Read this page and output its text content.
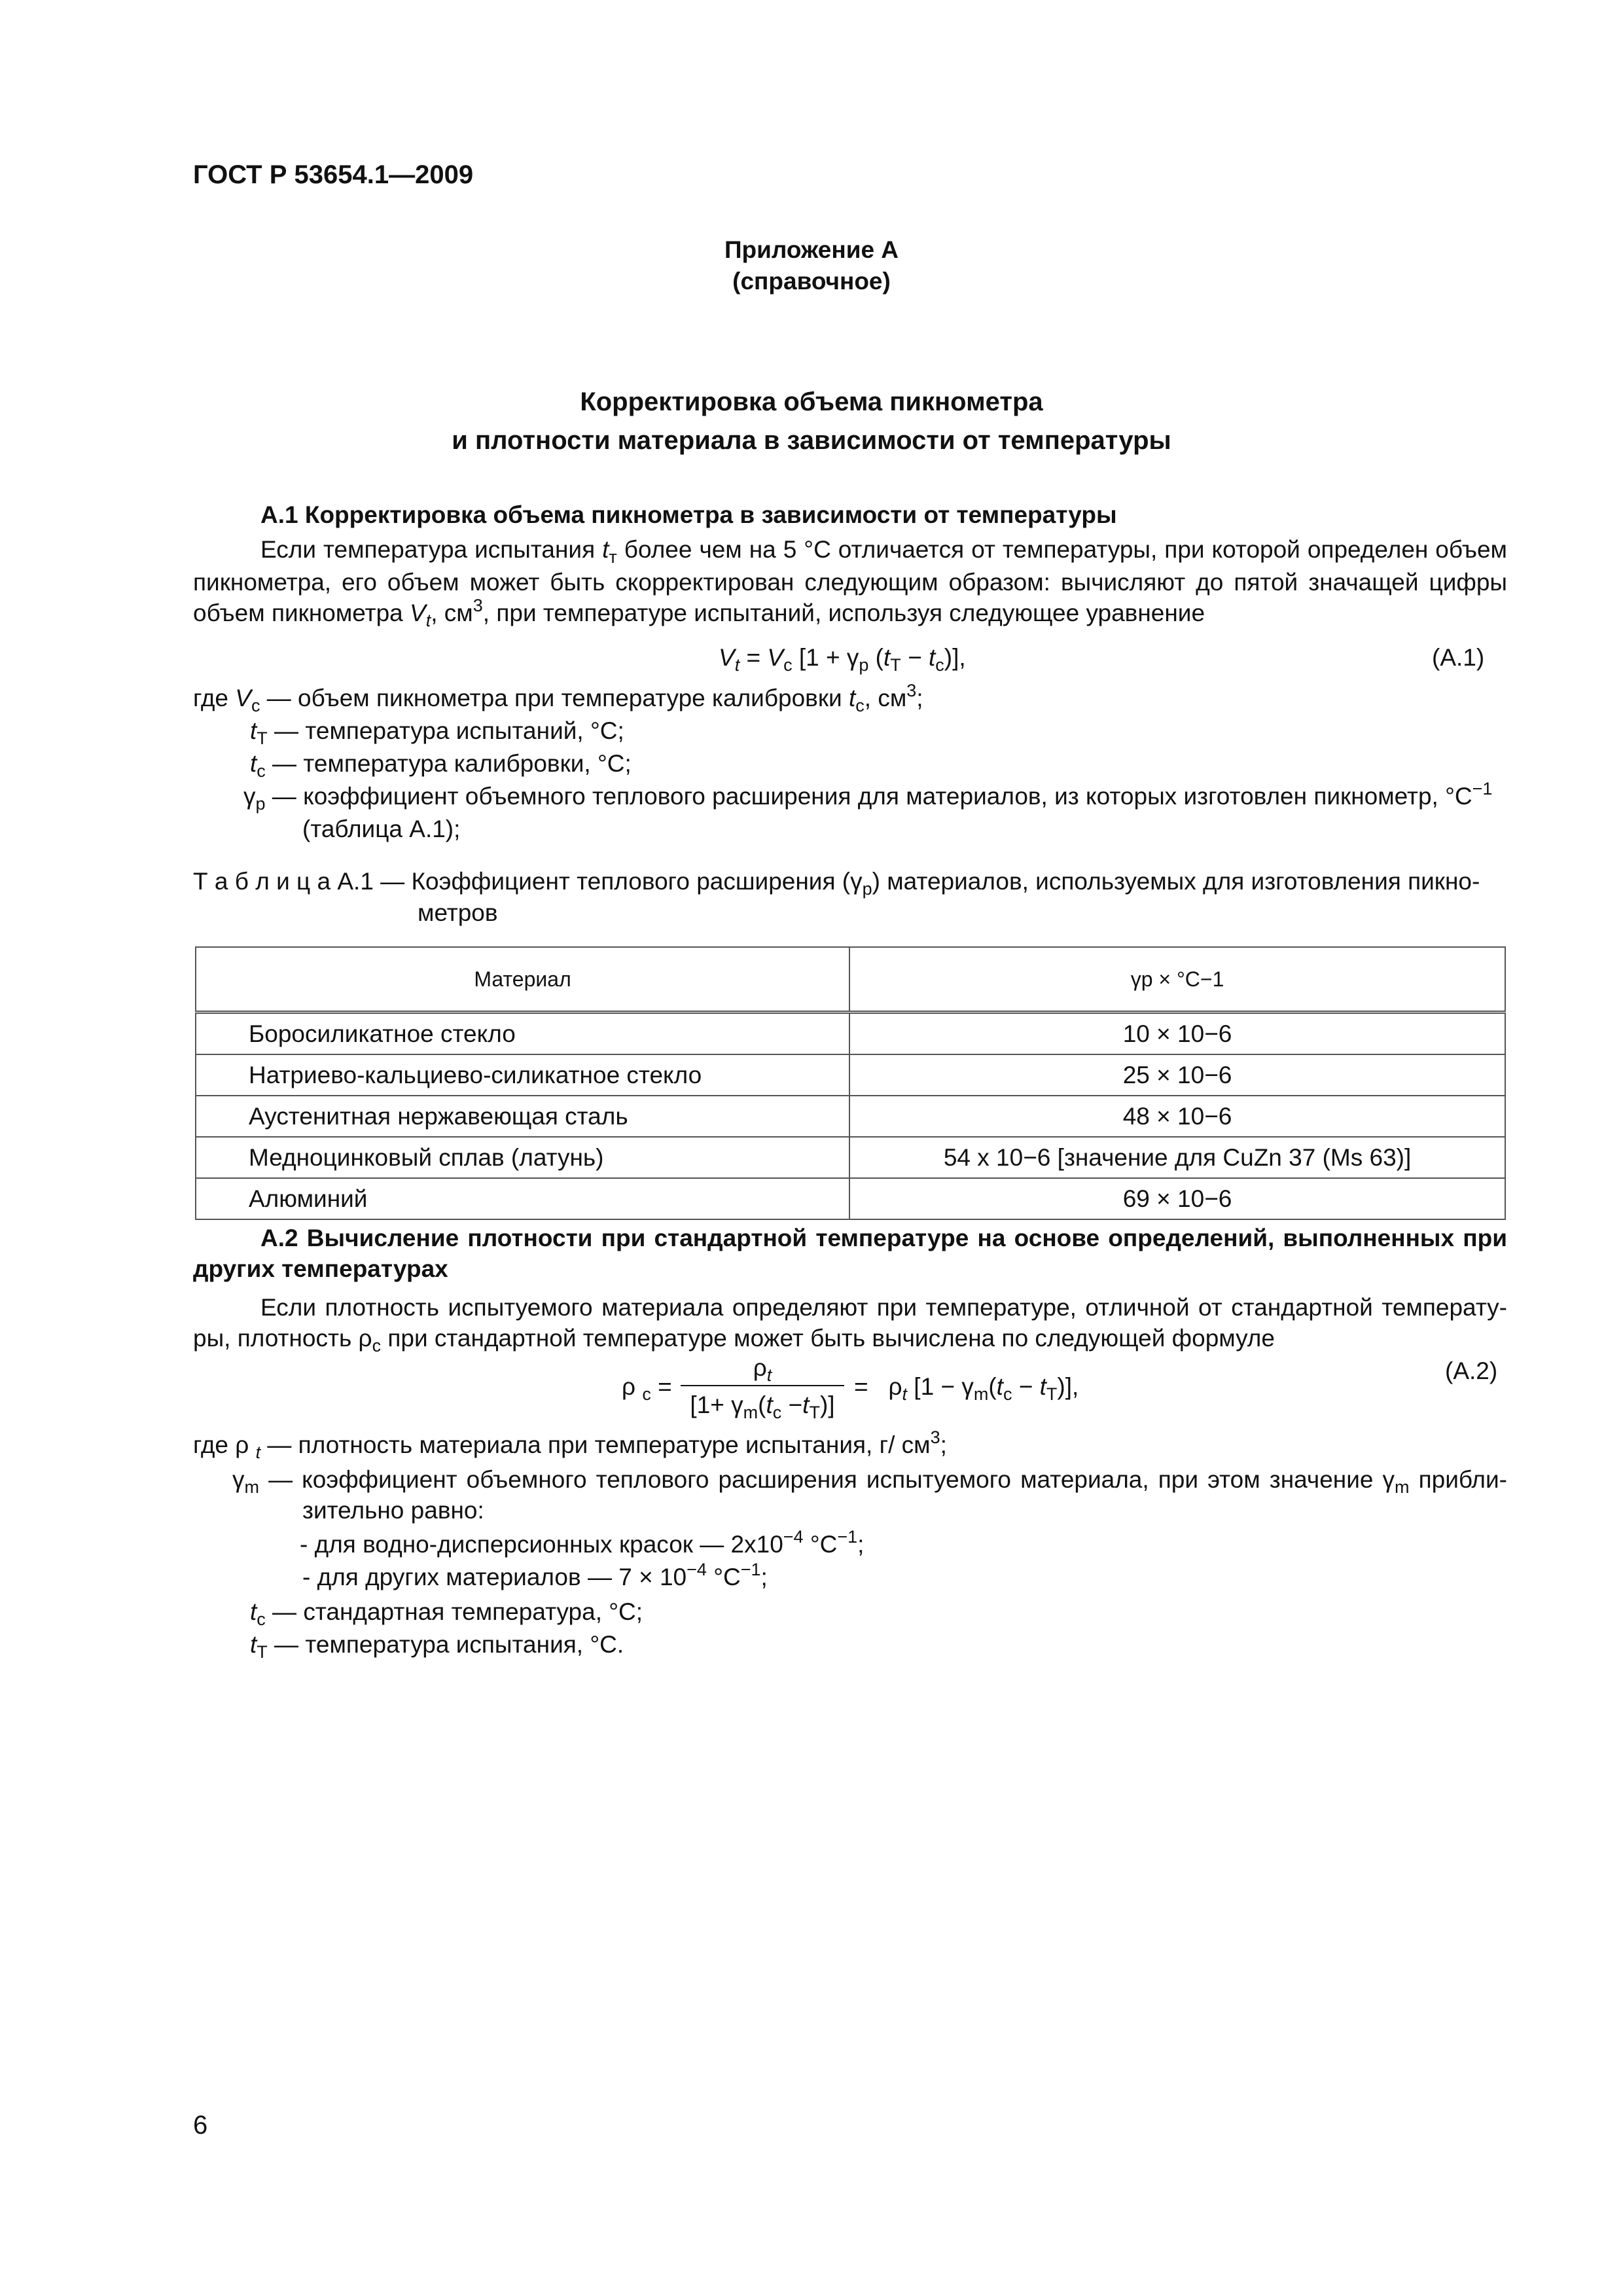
ГОСТ Р 53654.1—2009
Приложение А
(справочное)
Корректировка объема пикнометра
и плотности материала в зависимости от температуры
А.1 Корректировка объема пикнометра в зависимости от температуры
Если температура испытания $t_т$ более чем на 5 °С отличается от температуры, при которой определен объем
пикнометра, его объем может быть скорректирован следующим образом: вычисляют до пятой значащей цифры
объем пикнометра $V_t$, $см^3$, при температуре испытаний, используя следующее уравнение
$V_t = V_с$ [$1 + \gamma_р$ $(t_Т - t_с)$],	(А.1)
где $V_с$ — объем пикнометра при температуре калибровки $t_с$, $см^3$;
$t_Т$ — температура испытаний, °С;
$t_с$ — температура калибровки, °С;
$\gamma_р$ — коэффициент объемного теплового расширения для материалов, из которых изготовлен пикнометр, $^\circ С^{-1}$
(таблица А.1);
Т а б л и ц а А.1 — Коэффициент теплового расширения $(\gamma_р)$ материалов, используемых для изготовления пикно-
метров
Материал	γp × °С−1
Боросиликатное стекло	10 × 10−6
Натриево-кальциево-силикатное стекло	25 × 10−6
Аустенитная нержавеющая сталь	48 × 10−6
Медноцинковый сплав (латунь)	54 x 10−6 [значение для CuZn 37 (Ms 63)]
Алюминий	69 × 10−6
А.2 Вычисление плотности при стандартной температуре на основе определений, выполненных при
других температурах
Если плотность испытуемого материала определяют при температуре, отличной от стандартной температу-
ры, плотность $\rho_с$ при стандартной температуре может быть вычислена по следующей формуле
ρ $_с$ =
$\rho_t$
$[1+ \gamma_m(t_с -t_T)]$
=   $\rho_t$ $[1 - \gamma_m(t_с - t_T)]$,
(А.2)
где ρ $_t$ — плотность материала при температуре испытания, г/ $см^3$;
$\gamma_m$ — коэффициент объемного теплового расширения испытуемого материала, при этом значение $\gamma_m$ прибли-
зительно равно:
- для водно-дисперсионных красок — $2х10^{-4}$ $^\circ С^{-1}$;
- для других материалов — $7 \times 10^{-4}$ $^\circ С^{-1}$;
$t_с$ — стандартная температура, °С;
$t_T$ — температура испытания, °С.
6
